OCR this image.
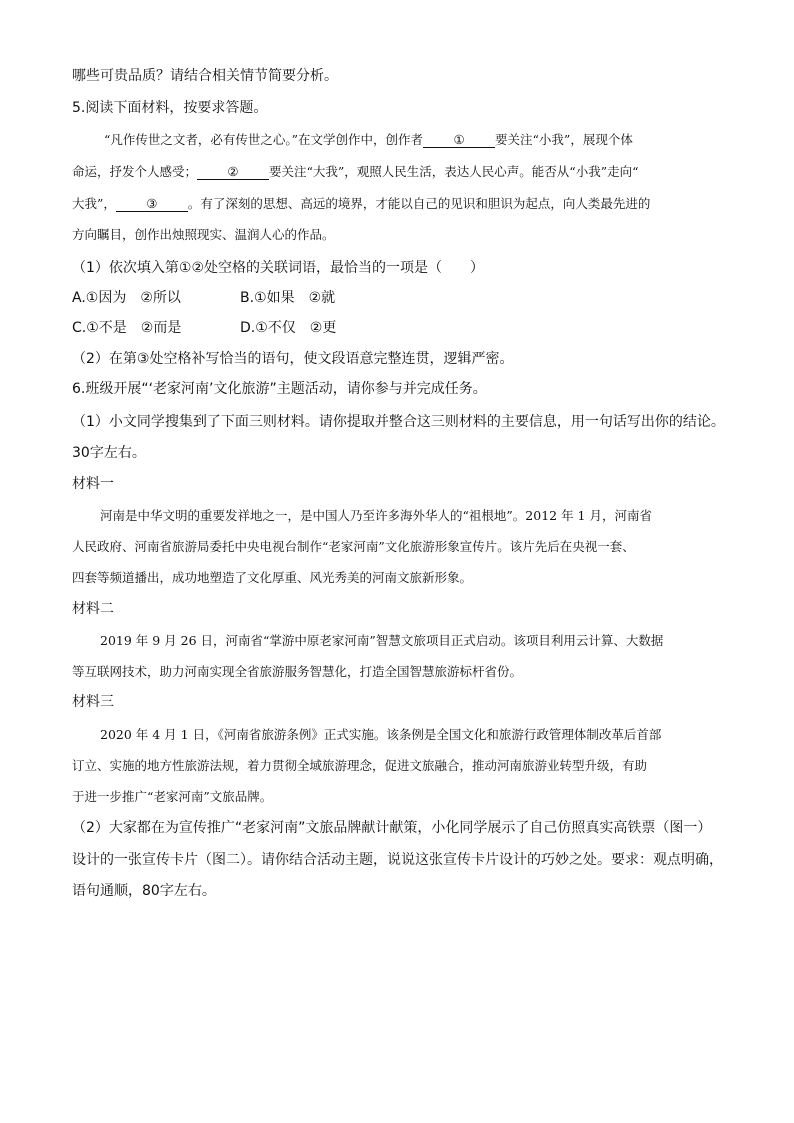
哪些可贵品质？请结合相关情节简要分析。
5.阅读下面材料，按要求答题。
“凡作传世之文者，必有传世之心。”在文学创作中，创作者 ① 要关注“小我”，展现个体
命运，抒发个人感受； ② 要关注“大我”，观照人民生活，表达人民心声。能否从“小我”走向“
大我”， ③ 。有了深刻的思想、高远的境界，才能以自己的见识和胆识为起点，向人类最先进的
方向瞩目，创作出烛照现实、温润人心的作品。
（1）依次填入第①②处空格的关联词语，最恰当的一项是（　　）
A.①因为　②所以	B.①如果　②就
C.①不是　②而是	D.①不仅　②更
（2）在第③处空格补写恰当的语句，使文段语意完整连贯，逻辑严密。
6.班级开展“‘老家河南’文化旅游”主题活动，请你参与并完成任务。
（1）小文同学搜集到了下面三则材料。请你提取并整合这三则材料的主要信息，用一句话写出你的结论。
30字左右。
材料一
河南是中华文明的重要发祥地之一，是中国人乃至许多海外华人的“祖根地”。2012 年 1 月，河南省
人民政府、河南省旅游局委托中央电视台制作“老家河南”文化旅游形象宣传片。该片先后在央视一套、
四套等频道播出，成功地塑造了文化厚重、风光秀美的河南文旅新形象。
材料二
2019 年 9 月 26 日，河南省“掌游中原老家河南”智慧文旅项目正式启动。该项目利用云计算、大数据
等互联网技术，助力河南实现全省旅游服务智慧化，打造全国智慧旅游标杆省份。
材料三
2020 年 4 月 1 日，《河南省旅游条例》正式实施。该条例是全国文化和旅游行政管理体制改革后首部
订立、实施的地方性旅游法规，着力贯彻全域旅游理念，促进文旅融合，推动河南旅游业转型升级，有助
于进一步推广“老家河南”文旅品牌。
（2）大家都在为宣传推广“老家河南”文旅品牌献计献策，小化同学展示了自己仿照真实高铁票（图一）
设计的一张宣传卡片（图二）。请你结合活动主题，说说这张宣传卡片设计的巧妙之处。要求：观点明确，
语句通顺，80字左右。
